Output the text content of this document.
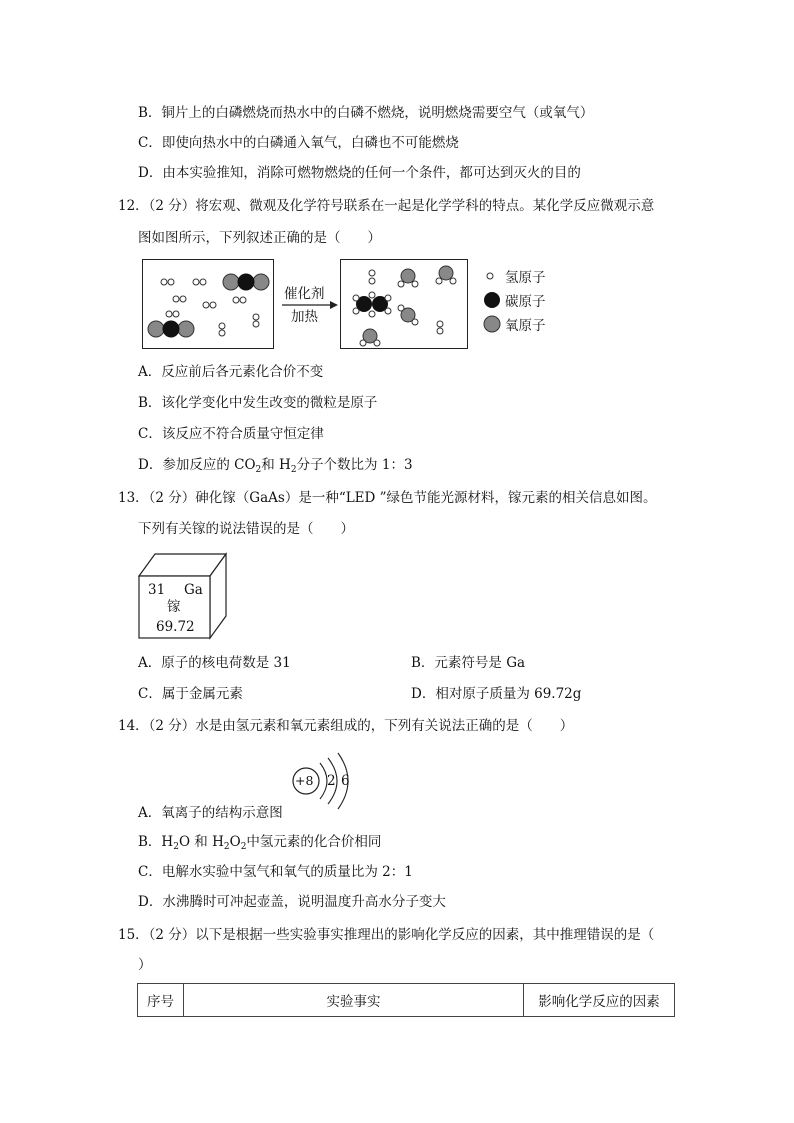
B．铜片上的白磷燃烧而热水中的白磷不燃烧，说明燃烧需要空气（或氧气）
C．即使向热水中的白磷通入氧气，白磷也不可能燃烧
D．由本实验推知，消除可燃物燃烧的任何一个条件，都可达到灭火的目的
12．（2 分）将宏观、微观及化学符号联系在一起是化学学科的特点。某化学反应微观示意
图如图所示，下列叙述正确的是（　　）
催化剂
加热
氢原子
碳原子
氧原子
A．反应前后各元素化合价不变
B．该化学变化中发生改变的微粒是原子
C．该反应不符合质量守恒定律
D．参加反应的 $CO_2$和 $H_2$分子个数比为 1：3
13．（2 分）砷化镓（GaAs）是一种“LED ”绿色节能光源材料，镓元素的相关信息如图。
下列有关镓的说法错误的是（　　）
31 Ga
镓
69.72
A．原子的核电荷数是 31	B．元素符号是 Ga
C．属于金属元素	D．相对原子质量为 69.72g
14．（2 分）水是由氢元素和氧元素组成的，下列有关说法正确的是（　　）
+8 2 6
A．氧离子的结构示意图
B．$H_2O$ 和 $H_2O_2$中氢元素的化合价相同
C．电解水实验中氢气和氧气的质量比为 2：1
D．水沸腾时可冲起壶盖，说明温度升高水分子变大
15．（2 分）以下是根据一些实验事实推理出的影响化学反应的因素，其中推理错误的是（
）
序号	实验事实	影响化学反应的因素
